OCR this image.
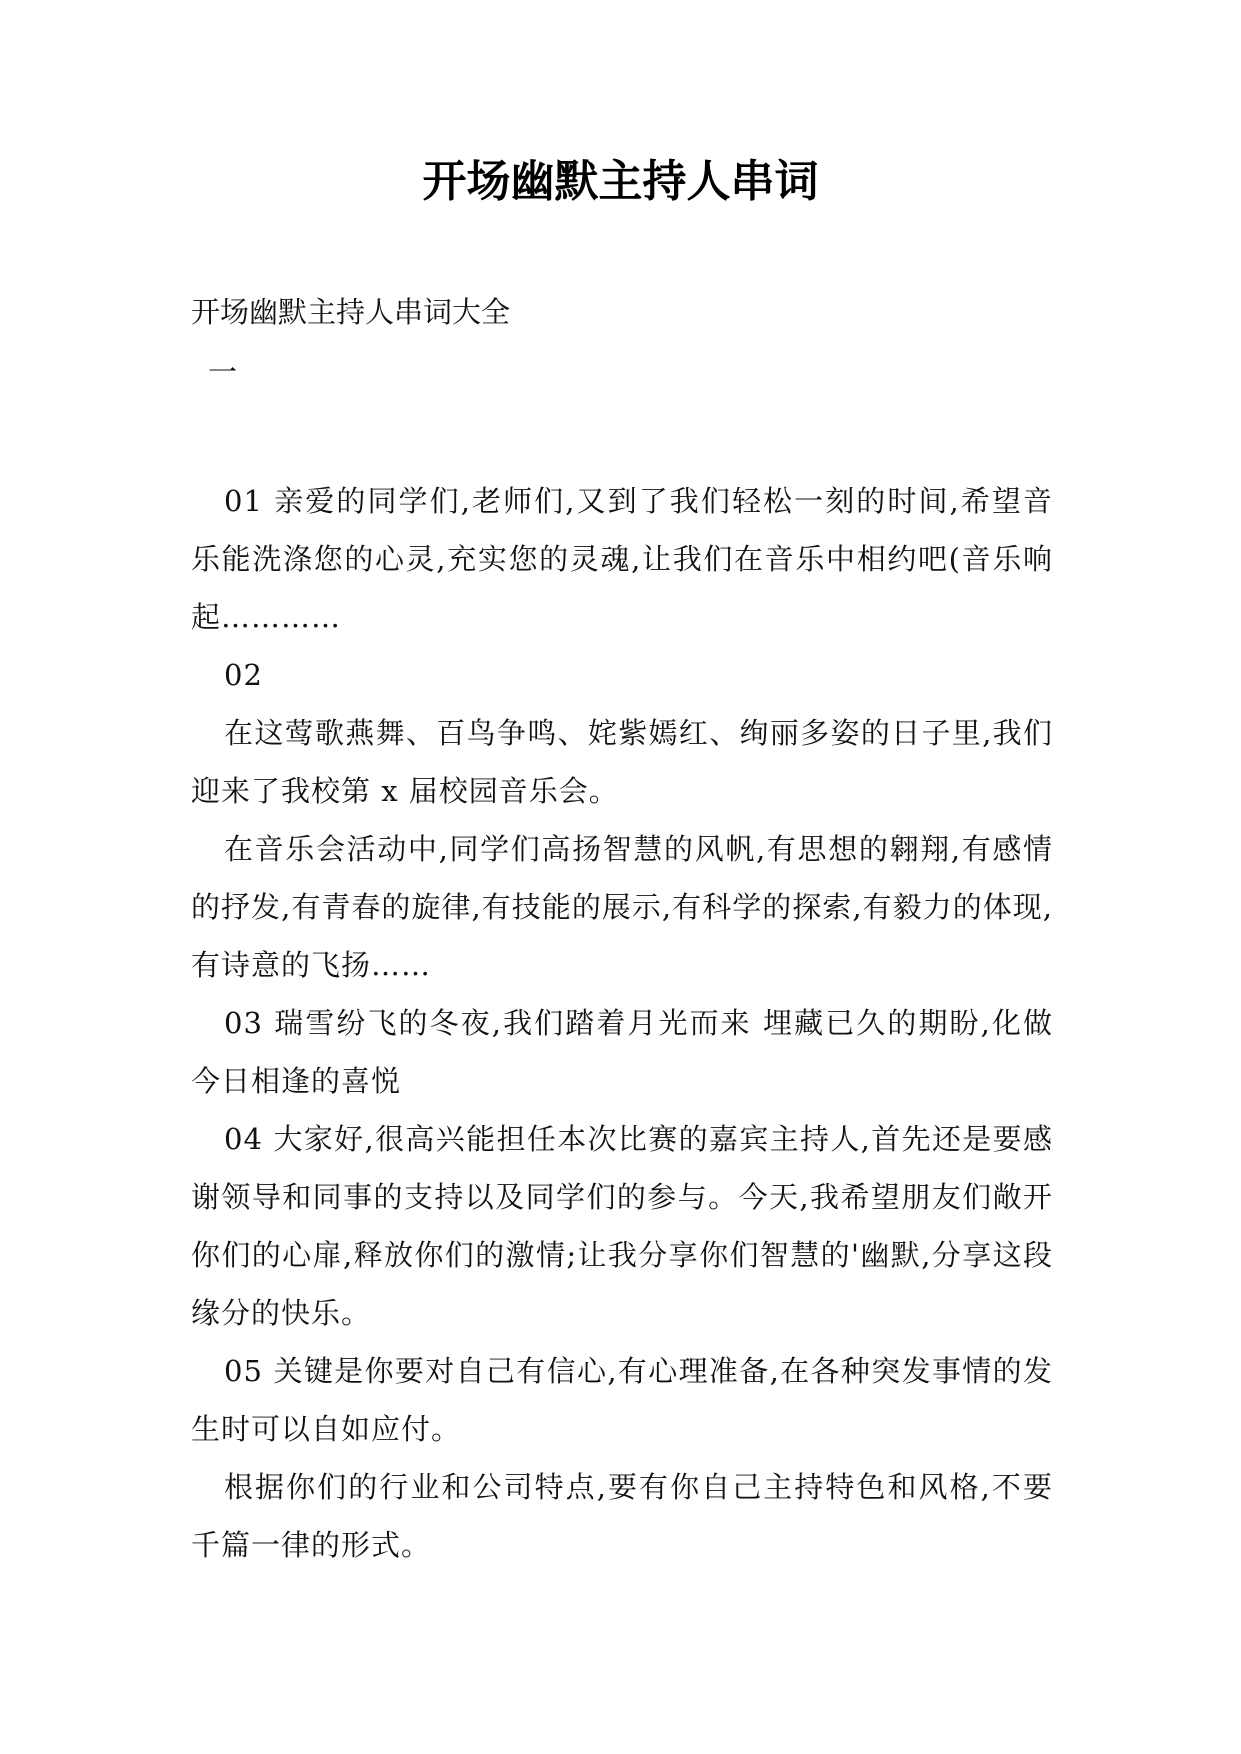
开场幽默主持人串词
开场幽默主持人串词大全
一

01 亲爱的同学们,老师们,又到了我们轻松一刻的时间,希望音乐能洗涤您的心灵,充实您的灵魂,让我们在音乐中相约吧(音乐响起…………

02

在这莺歌燕舞、百鸟争鸣、姹紫嫣红、绚丽多姿的日子里,我们迎来了我校第 x 届校园音乐会。

在音乐会活动中,同学们高扬智慧的风帆,有思想的翱翔,有感情的抒发,有青春的旋律,有技能的展示,有科学的探索,有毅力的体现,有诗意的飞扬……

03 瑞雪纷飞的冬夜,我们踏着月光而来 埋藏已久的期盼,化做今日相逢的喜悦

04 大家好,很高兴能担任本次比赛的嘉宾主持人,首先还是要感谢领导和同事的支持以及同学们的参与。今天,我希望朋友们敞开你们的心扉,释放你们的激情;让我分享你们智慧的'幽默,分享这段缘分的快乐。

05 关键是你要对自己有信心,有心理准备,在各种突发事情的发生时可以自如应付。

根据你们的行业和公司特点,要有你自己主持特色和风格,不要千篇一律的形式。
